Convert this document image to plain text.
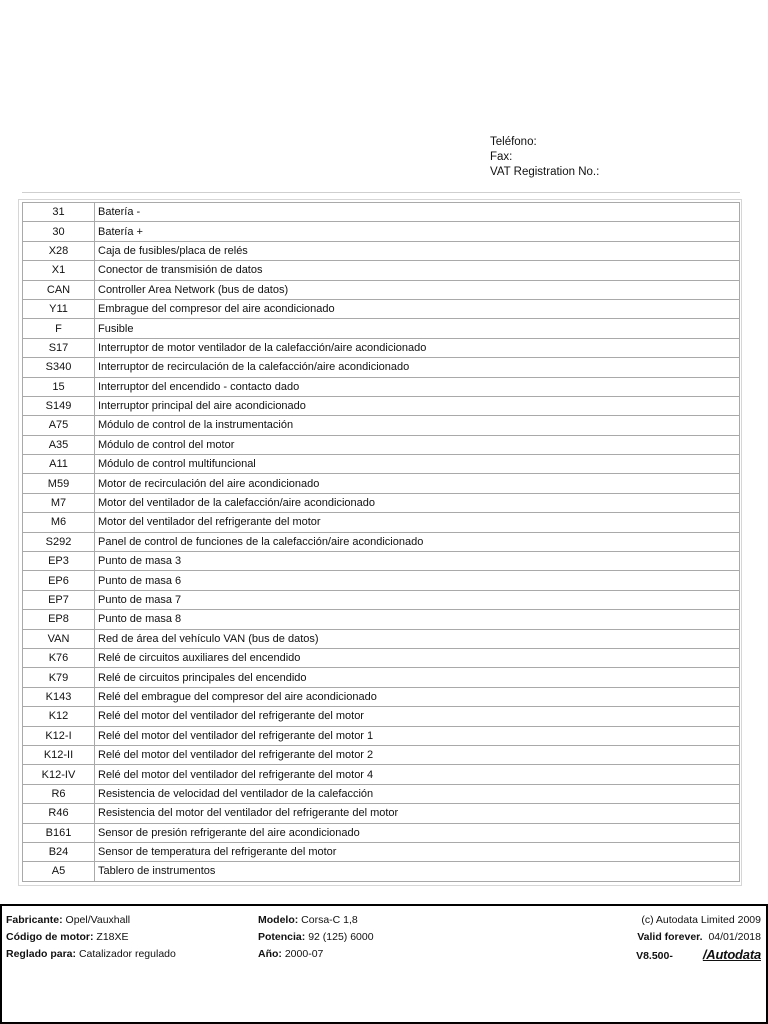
Teléfono:
Fax:
VAT Registration No.:
31	Batería -
30	Batería +
X28	Caja de fusibles/placa de relés
X1	Conector de transmisión de datos
CAN	Controller Area Network (bus de datos)
Y11	Embrague del compresor del aire acondicionado
F	Fusible
S17	Interruptor de motor ventilador de la calefacción/aire acondicionado
S340	Interruptor de recirculación de la calefacción/aire acondicionado
15	Interruptor del encendido - contacto dado
S149	Interruptor principal del aire acondicionado
A75	Módulo de control de la instrumentación
A35	Módulo de control del motor
A11	Módulo de control multifuncional
M59	Motor de recirculación del aire acondicionado
M7	Motor del ventilador de la calefacción/aire acondicionado
M6	Motor del ventilador del refrigerante del motor
S292	Panel de control de funciones de la calefacción/aire acondicionado
EP3	Punto de masa 3
EP6	Punto de masa 6
EP7	Punto de masa 7
EP8	Punto de masa 8
VAN	Red de área del vehículo VAN (bus de datos)
K76	Relé de circuitos auxiliares del encendido
K79	Relé de circuitos principales del encendido
K143	Relé del embrague del compresor del aire acondicionado
K12	Relé del motor del ventilador del refrigerante del motor
K12-I	Relé del motor del ventilador del refrigerante del motor 1
K12-II	Relé del motor del ventilador del refrigerante del motor 2
K12-IV	Relé del motor del ventilador del refrigerante del motor 4
R6	Resistencia de velocidad del ventilador de la calefacción
R46	Resistencia del motor del ventilador del refrigerante del motor
B161	Sensor de presión refrigerante del aire acondicionado
B24	Sensor de temperatura del refrigerante del motor
A5	Tablero de instrumentos
Fabricante: Opel/Vauxhall
Código de motor: Z18XE
Reglado para: Catalizador regulado
Modelo: Corsa-C 1,8
Potencia: 92 (125) 6000
Año: 2000-07
(c) Autodata Limited 2009
Valid forever. 04/01/2018
V8.500- /Autodata
